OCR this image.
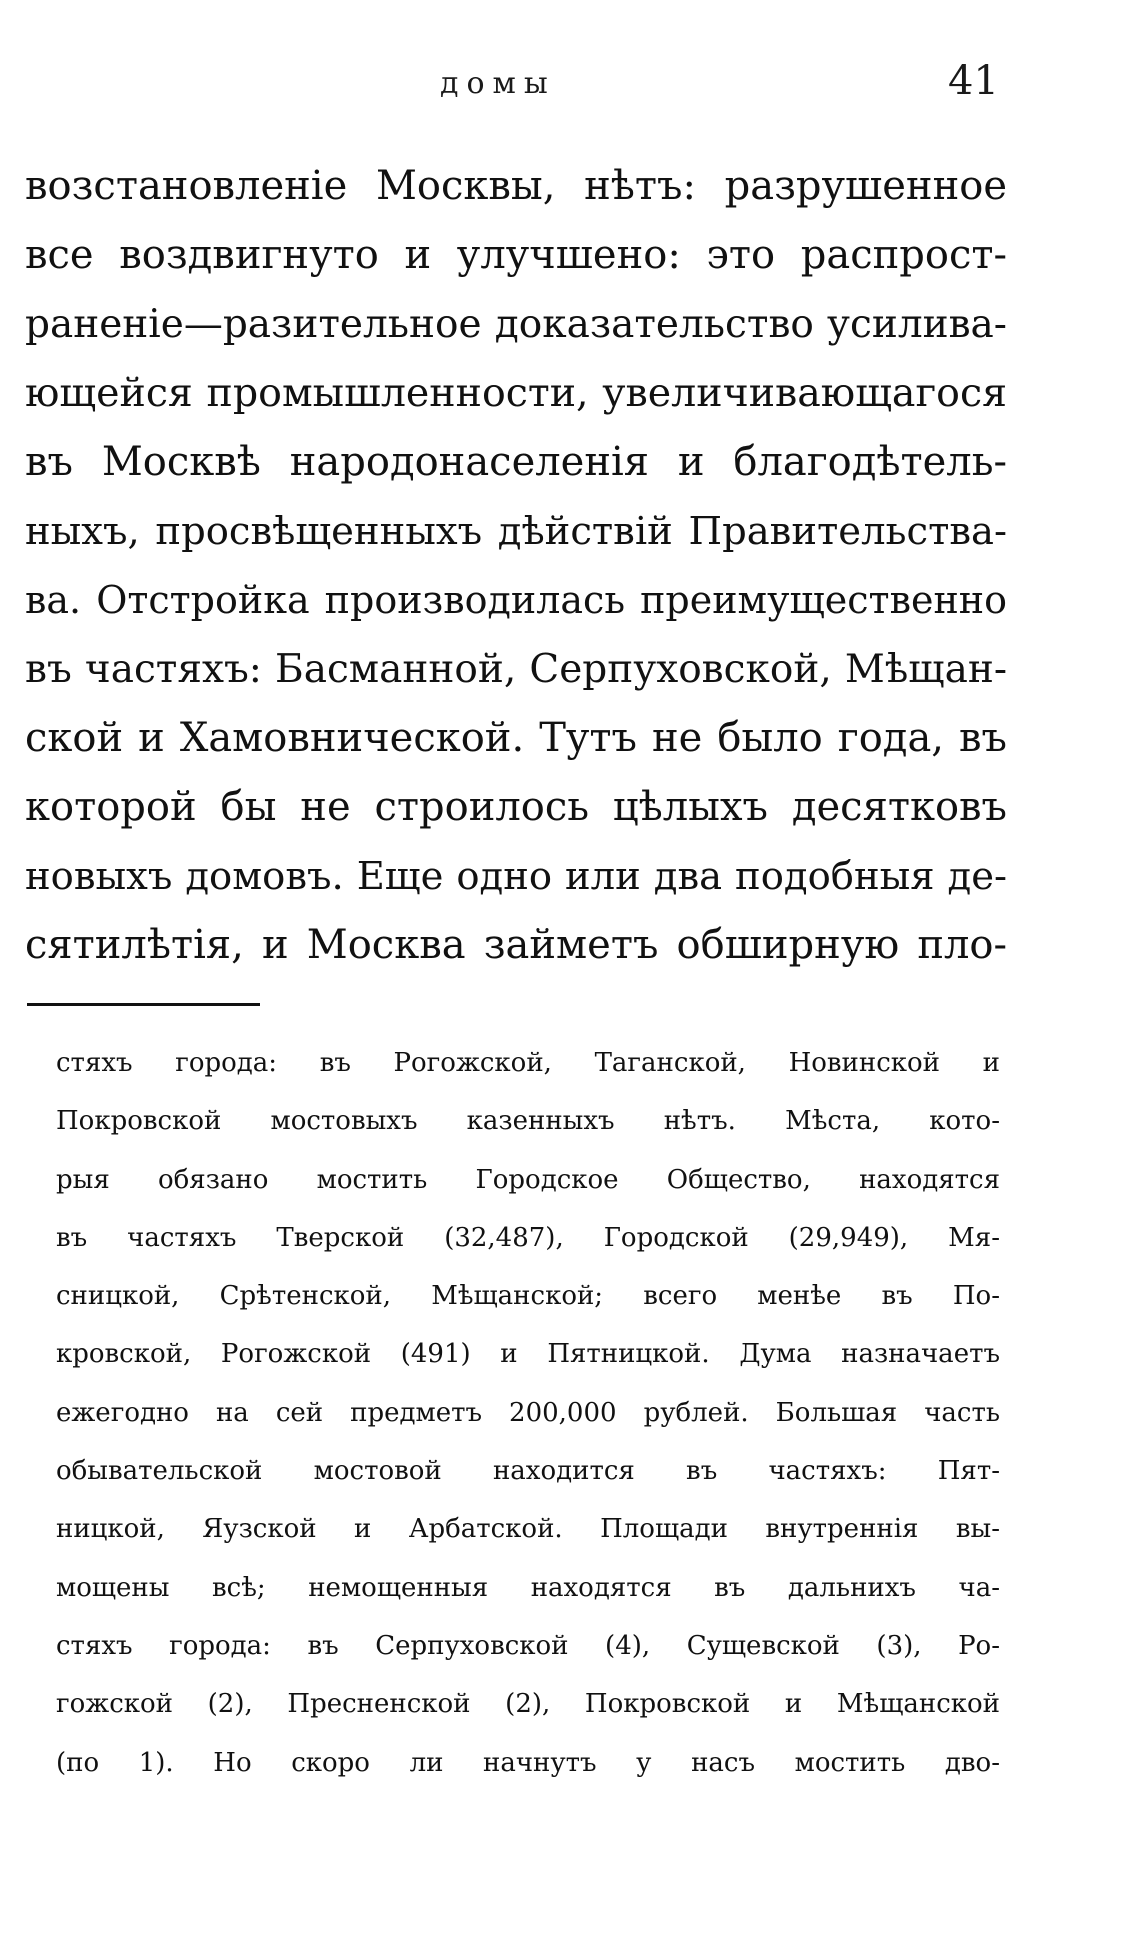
домы	41
возстановленіе Москвы, нѣтъ: разрушенное
все воздвигнуто и улучшено: это распрост-
раненіе—разительное доказательство усилива-
ющейся промышленности, увеличивающагося
въ Москвѣ народонаселенія и благодѣтель-
ныхъ, просвѣщенныхъ дѣйствій Правительства-
ва. Отстройка производилась преимущественно
въ частяхъ: Басманной, Серпуховской, Мѣщан-
ской и Хамовнической. Тутъ не было года, въ
которой бы не строилось цѣлыхъ десятковъ
новыхъ домовъ. Еще одно или два подобныя де-
сятилѣтія, и Москва займетъ обширную пло-
стяхъ города: въ Рогожской, Таганской, Новинской и
Покровской мостовыхъ казенныхъ нѣтъ. Мѣста, кото-
рыя обязано мостить Городское Общество, находятся
въ частяхъ Тверской (32,487), Городской (29,949), Мя-
сницкой, Срѣтенской, Мѣщанской; всего менѣе въ По-
кровской, Рогожской (491) и Пятницкой. Дума назначаетъ
ежегодно на сей предметъ 200,000 рублей. Большая часть
обывательской мостовой находится въ частяхъ: Пят-
ницкой, Яузской и Арбатской. Площади внутреннія вы-
мощены всѣ; немощенныя находятся въ дальнихъ ча-
стяхъ города: въ Серпуховской (4), Сущевской (3), Ро-
гожской (2), Пресненской (2), Покровской и Мѣщанской
(по 1). Но скоро ли начнутъ у насъ мостить дво-
